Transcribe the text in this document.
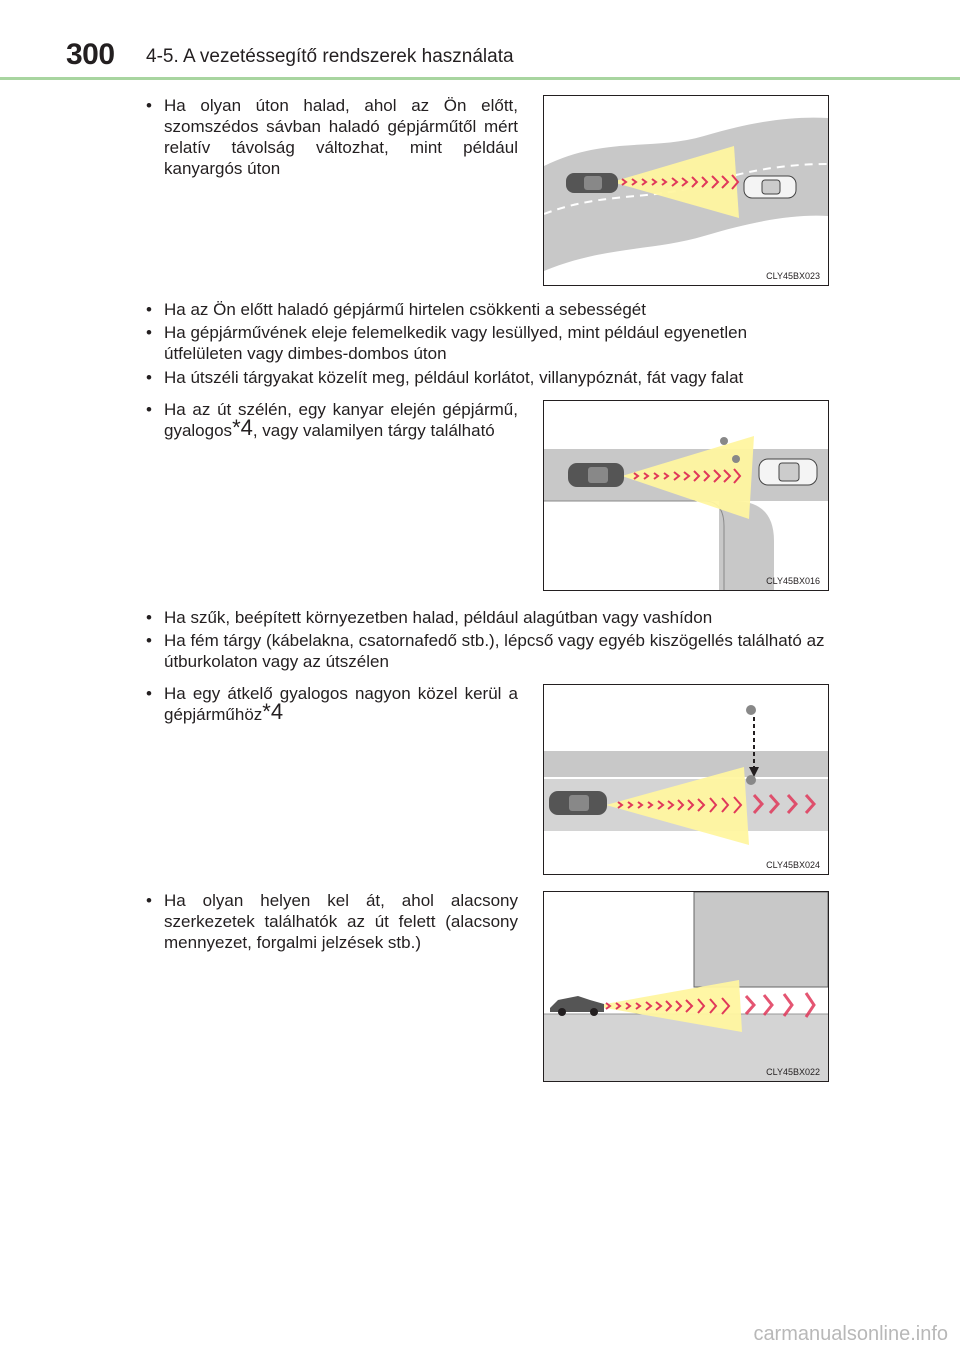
300 4-5. A vezetéssegítő rendszerek használata
• Ha olyan úton halad, ahol az Ön előtt, szomszédos sávban haladó gépjárműtől mért relatív távolság változhat, mint például kanyargós úton
CLY45BX023
• Ha az Ön előtt haladó gépjármű hirtelen csökkenti a sebességét
• Ha gépjárművének eleje felemelkedik vagy lesüllyed, mint például egyenetlen útfelületen vagy dimbes-dombos úton
• Ha útszéli tárgyakat közelít meg, például korlátot, villanypóznát, fát vagy falat
• Ha az út szélén, egy kanyar elején gépjármű, gyalogos*4, vagy valamilyen tárgy található
CLY45BX016
• Ha szűk, beépített környezetben halad, például alagútban vagy vashídon
• Ha fém tárgy (kábelakna, csatornafedő stb.), lépcső vagy egyéb kiszögellés található az útburkolaton vagy az útszélen
• Ha egy átkelő gyalogos nagyon közel kerül a gépjárműhöz*4
CLY45BX024
• Ha olyan helyen kel át, ahol alacsony szerkezetek találhatók az út felett (alacsony mennyezet, forgalmi jelzések stb.)
CLY45BX022
carmanualsonline.info
